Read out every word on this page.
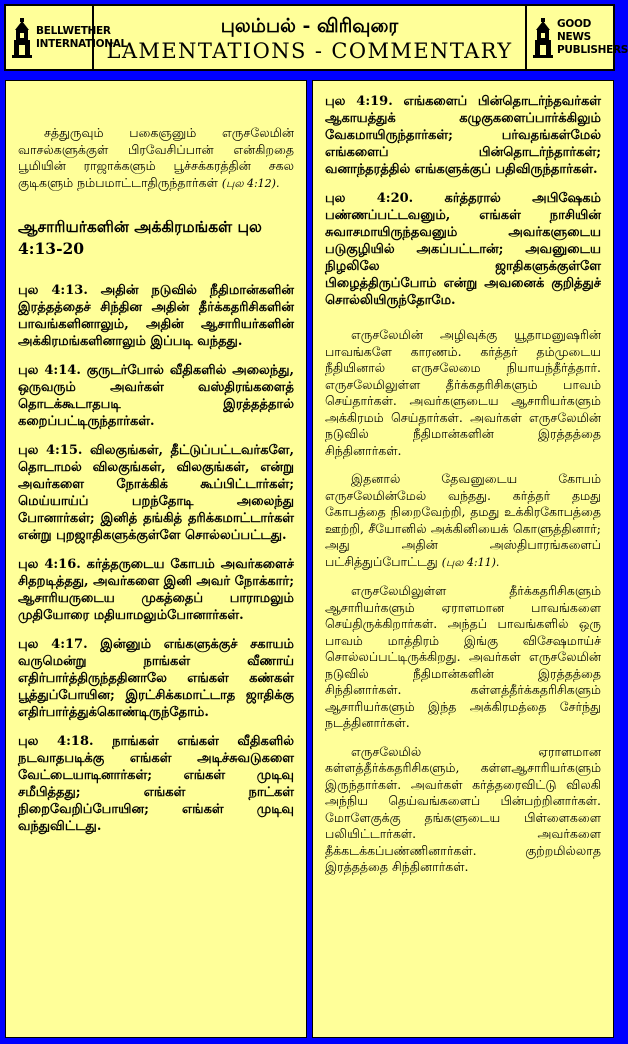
BELLWETHER INTERNATIONAL
புலம்பல் - விரிவுரை
LAMENTATIONS - COMMENTARY
GOOD NEWS PUBLISHERS

சத்துருவும் பகைஞனும் எருசலேமின் வாசல்களுக்குள் பிரவேசிப்பான் என்கிறதை பூமியின் ராஜாக்களும் பூச்சக்கரத்தின் சகல குடிகளும் நம்பமாட்டாதிருந்தார்கள் (புல 4:12).

ஆசாரியர்களின் அக்கிரமங்கள் புல 4:13-20

புல 4:13. அதின் நடுவில் நீதிமான்களின் இரத்தத்தைச் சிந்தின அதின் தீர்க்கதரிசிகளின் பாவங்களினாலும், அதின் ஆசாரியர்களின் அக்கிரமங்களினாலும் இப்படி வந்தது.

புல 4:14. குருடர்போல் வீதிகளில் அலைந்து, ஒருவரும் அவர்கள் வஸ்திரங்களைத் தொடக்கூடாதபடி இரத்தத்தால் கறைப்பட்டிருந்தார்கள்.

புல 4:15. விலகுங்கள், தீட்டுப்பட்டவர்களே, தொடாமல் விலகுங்கள், விலகுங்கள், என்று அவர்களை நோக்கிக் கூப்பிட்டார்கள்; மெய்யாய்ப் பறந்தோடி அலைந்து போனார்கள்; இனித் தங்கித் தரிக்கமாட்டார்கள் என்று புறஜாதிகளுக்குள்ளே சொல்லப்பட்டது.

புல 4:16. கர்த்தருடைய கோபம் அவர்களைச் சிதறடித்தது, அவர்களை இனி அவர் நோக்கார்; ஆசாரியருடைய முகத்தைப் பாராமலும் முதியோரை மதியாமலும்போனார்கள்.

புல 4:17. இன்னும் எங்களுக்குச் சகாயம் வருமென்று நாங்கள் வீணாய் எதிர்பார்த்திருந்ததினாலே எங்கள் கண்கள் பூத்துப்போயின; இரட்சிக்கமாட்டாத ஜாதிக்கு எதிர்பார்த்துக்கொண்டிருந்தோம்.

புல 4:18. நாங்கள் எங்கள் வீதிகளில் நடவாதபடிக்கு எங்கள் அடிச்சுவடுகளை வேட்டையாடினார்கள்; எங்கள் முடிவு சமீபித்தது; எங்கள் நாட்கள் நிறைவேறிப்போயின; எங்கள் முடிவு வந்துவிட்டது.

புல 4:19. எங்களைப் பின்தொடர்ந்தவர்கள் ஆகாயத்துக் கழுகுகளைப்பார்க்கிலும் வேகமாயிருந்தார்கள்; பர்வதங்கள்மேல் எங்களைப் பின்தொடர்ந்தார்கள்; வனாந்தரத்தில் எங்களுக்குப் பதிவிருந்தார்கள்.

புல 4:20. கர்த்தரால் அபிஷேகம் பண்ணப்பட்டவனும், எங்கள் நாசியின் சுவாசமாயிருந்தவனும் அவர்களுடைய படுகுழியில் அகப்பட்டான்; அவனுடைய நிழலிலே ஜாதிகளுக்குள்ளே பிழைத்திருப்போம் என்று அவனைக் குறித்துச் சொல்லியிருந்தோமே.

எருசலேமின் அழிவுக்கு யூதாமனுஷரின் பாவங்களே காரணம். கர்த்தர் தம்முடைய நீதியினால் எருசலேமை நியாயந்தீர்த்தார். எருசலேமிலுள்ள தீர்க்கதரிசிகளும் பாவம் செய்தார்கள். அவர்களுடைய ஆசாரியர்களும் அக்கிரமம் செய்தார்கள். அவர்கள் எருசலேமின் நடுவில் நீதிமான்களின் இரத்தத்தை சிந்தினார்கள்.

இதனால் தேவனுடைய கோபம் எருசலேமின்மேல் வந்தது. கர்த்தர் தமது கோபத்தை நிறைவேற்றி, தமது உக்கிரகோபத்தை ஊற்றி, சீயோனில் அக்கினியைக் கொளுத்தினார்; அது அதின் அஸ்திபாரங்களைப் பட்சித்துப்போட்டது (புல 4:11).

எருசலேமிலுள்ள தீர்க்கதரிசிகளும் ஆசாரியர்களும் ஏராளமான பாவங்களை செய்திருக்கிறார்கள். அந்தப் பாவங்களில் ஒரு பாவம் மாத்திரம் இங்கு விசேஷமாய்ச் சொல்லப்பட்டிருக்கிறது. அவர்கள் எருசலேமின் நடுவில் நீதிமான்களின் இரத்தத்தை சிந்தினார்கள். கள்ளத்தீர்க்கதரிசிகளும் ஆசாரியர்களும் இந்த அக்கிரமத்தை சேர்ந்து நடத்தினார்கள்.

எருசலேமில் ஏராளமான கள்ளத்தீர்க்கதரிசிகளும், கள்ளஆசாரியர்களும் இருந்தார்கள். அவர்கள் கர்த்தரைவிட்டு விலகி அந்நிய தெய்வங்களைப் பின்பற்றினார்கள். மோளேகுக்கு தங்களுடைய பிள்ளைகளை பலியிட்டார்கள். அவர்களை தீக்கடக்கப்பண்ணினார்கள். குற்றமில்லாத இரத்தத்தை சிந்தினார்கள்.
